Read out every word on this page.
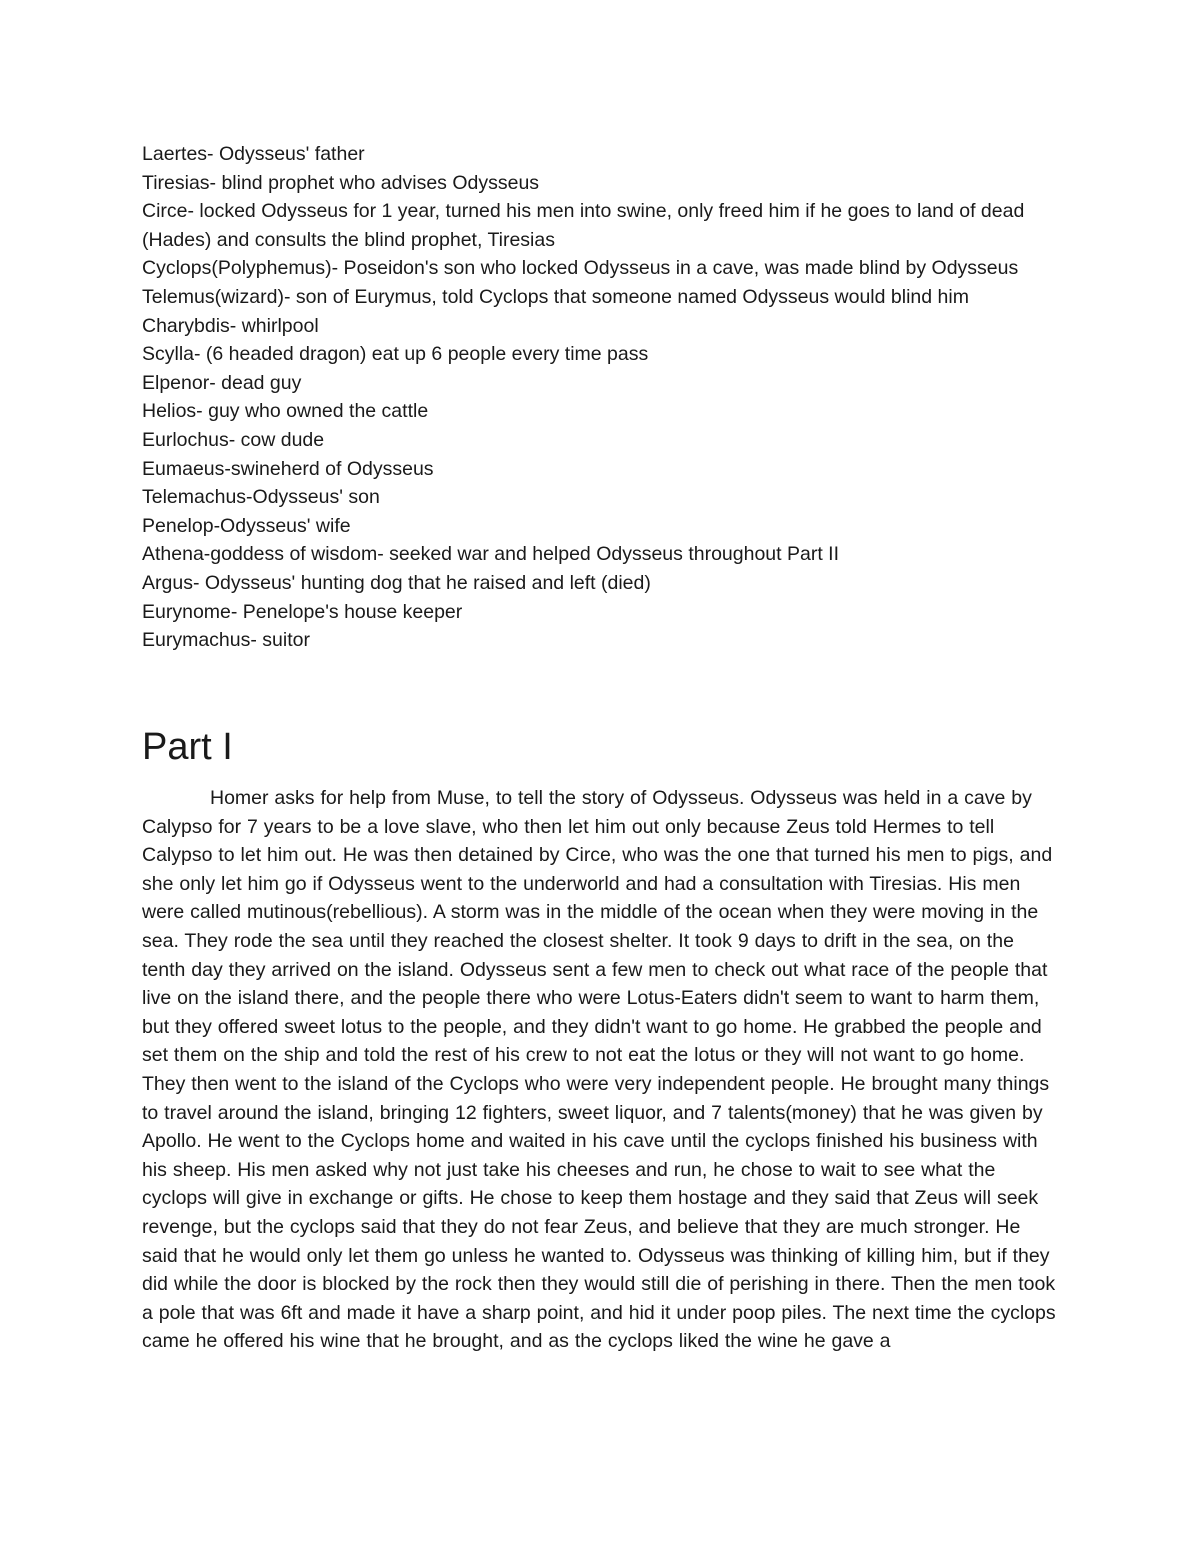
Laertes- Odysseus' father
Tiresias- blind prophet who advises Odysseus
Circe- locked Odysseus for 1 year, turned his men into swine, only freed him if he goes to land of dead (Hades) and consults the blind prophet, Tiresias
Cyclops(Polyphemus)- Poseidon's son who locked Odysseus in a cave, was made blind by Odysseus
Telemus(wizard)- son of Eurymus, told Cyclops that someone named Odysseus would blind him
Charybdis- whirlpool
Scylla- (6 headed dragon) eat up 6 people every time pass
Elpenor- dead guy
Helios- guy who owned the cattle
Eurlochus- cow dude
Eumaeus-swineherd of Odysseus
Telemachus-Odysseus' son
Penelop-Odysseus' wife
Athena-goddess of wisdom- seeked war and helped Odysseus throughout Part II
Argus- Odysseus' hunting dog that he raised and left (died)
Eurynome- Penelope's house keeper
Eurymachus- suitor
Part I

Homer asks for help from Muse, to tell the story of Odysseus. Odysseus was held in a cave by Calypso for 7 years to be a love slave, who then let him out only because Zeus told Hermes to tell Calypso to let him out. He was then detained by Circe, who was the one that turned his men to pigs, and she only let him go if Odysseus went to the underworld and had a consultation with Tiresias. His men were called mutinous(rebellious). A storm was in the middle of the ocean when they were moving in the sea. They rode the sea until they reached the closest shelter. It took 9 days to drift in the sea, on the tenth day they arrived on the island. Odysseus sent a few men to check out what race of the people that live on the island there, and the people there who were Lotus-Eaters didn't seem to want to harm them, but they offered sweet lotus to the people, and they didn't want to go home. He grabbed the people and set them on the ship and told the rest of his crew to not eat the lotus or they will not want to go home. They then went to the island of the Cyclops who were very independent people. He brought many things to travel around the island, bringing 12 fighters, sweet liquor, and 7 talents(money) that he was given by Apollo. He went to the Cyclops home and waited in his cave until the cyclops finished his business with his sheep. His men asked why not just take his cheeses and run, he chose to wait to see what the cyclops will give in exchange or gifts. He chose to keep them hostage and they said that Zeus will seek revenge, but the cyclops said that they do not fear Zeus, and believe that they are much stronger. He said that he would only let them go unless he wanted to. Odysseus was thinking of killing him, but if they did while the door is blocked by the rock then they would still die of perishing in there. Then the men took a pole that was 6ft and made it have a sharp point, and hid it under poop piles. The next time the cyclops came he offered his wine that he brought, and as the cyclops liked the wine he gave a
